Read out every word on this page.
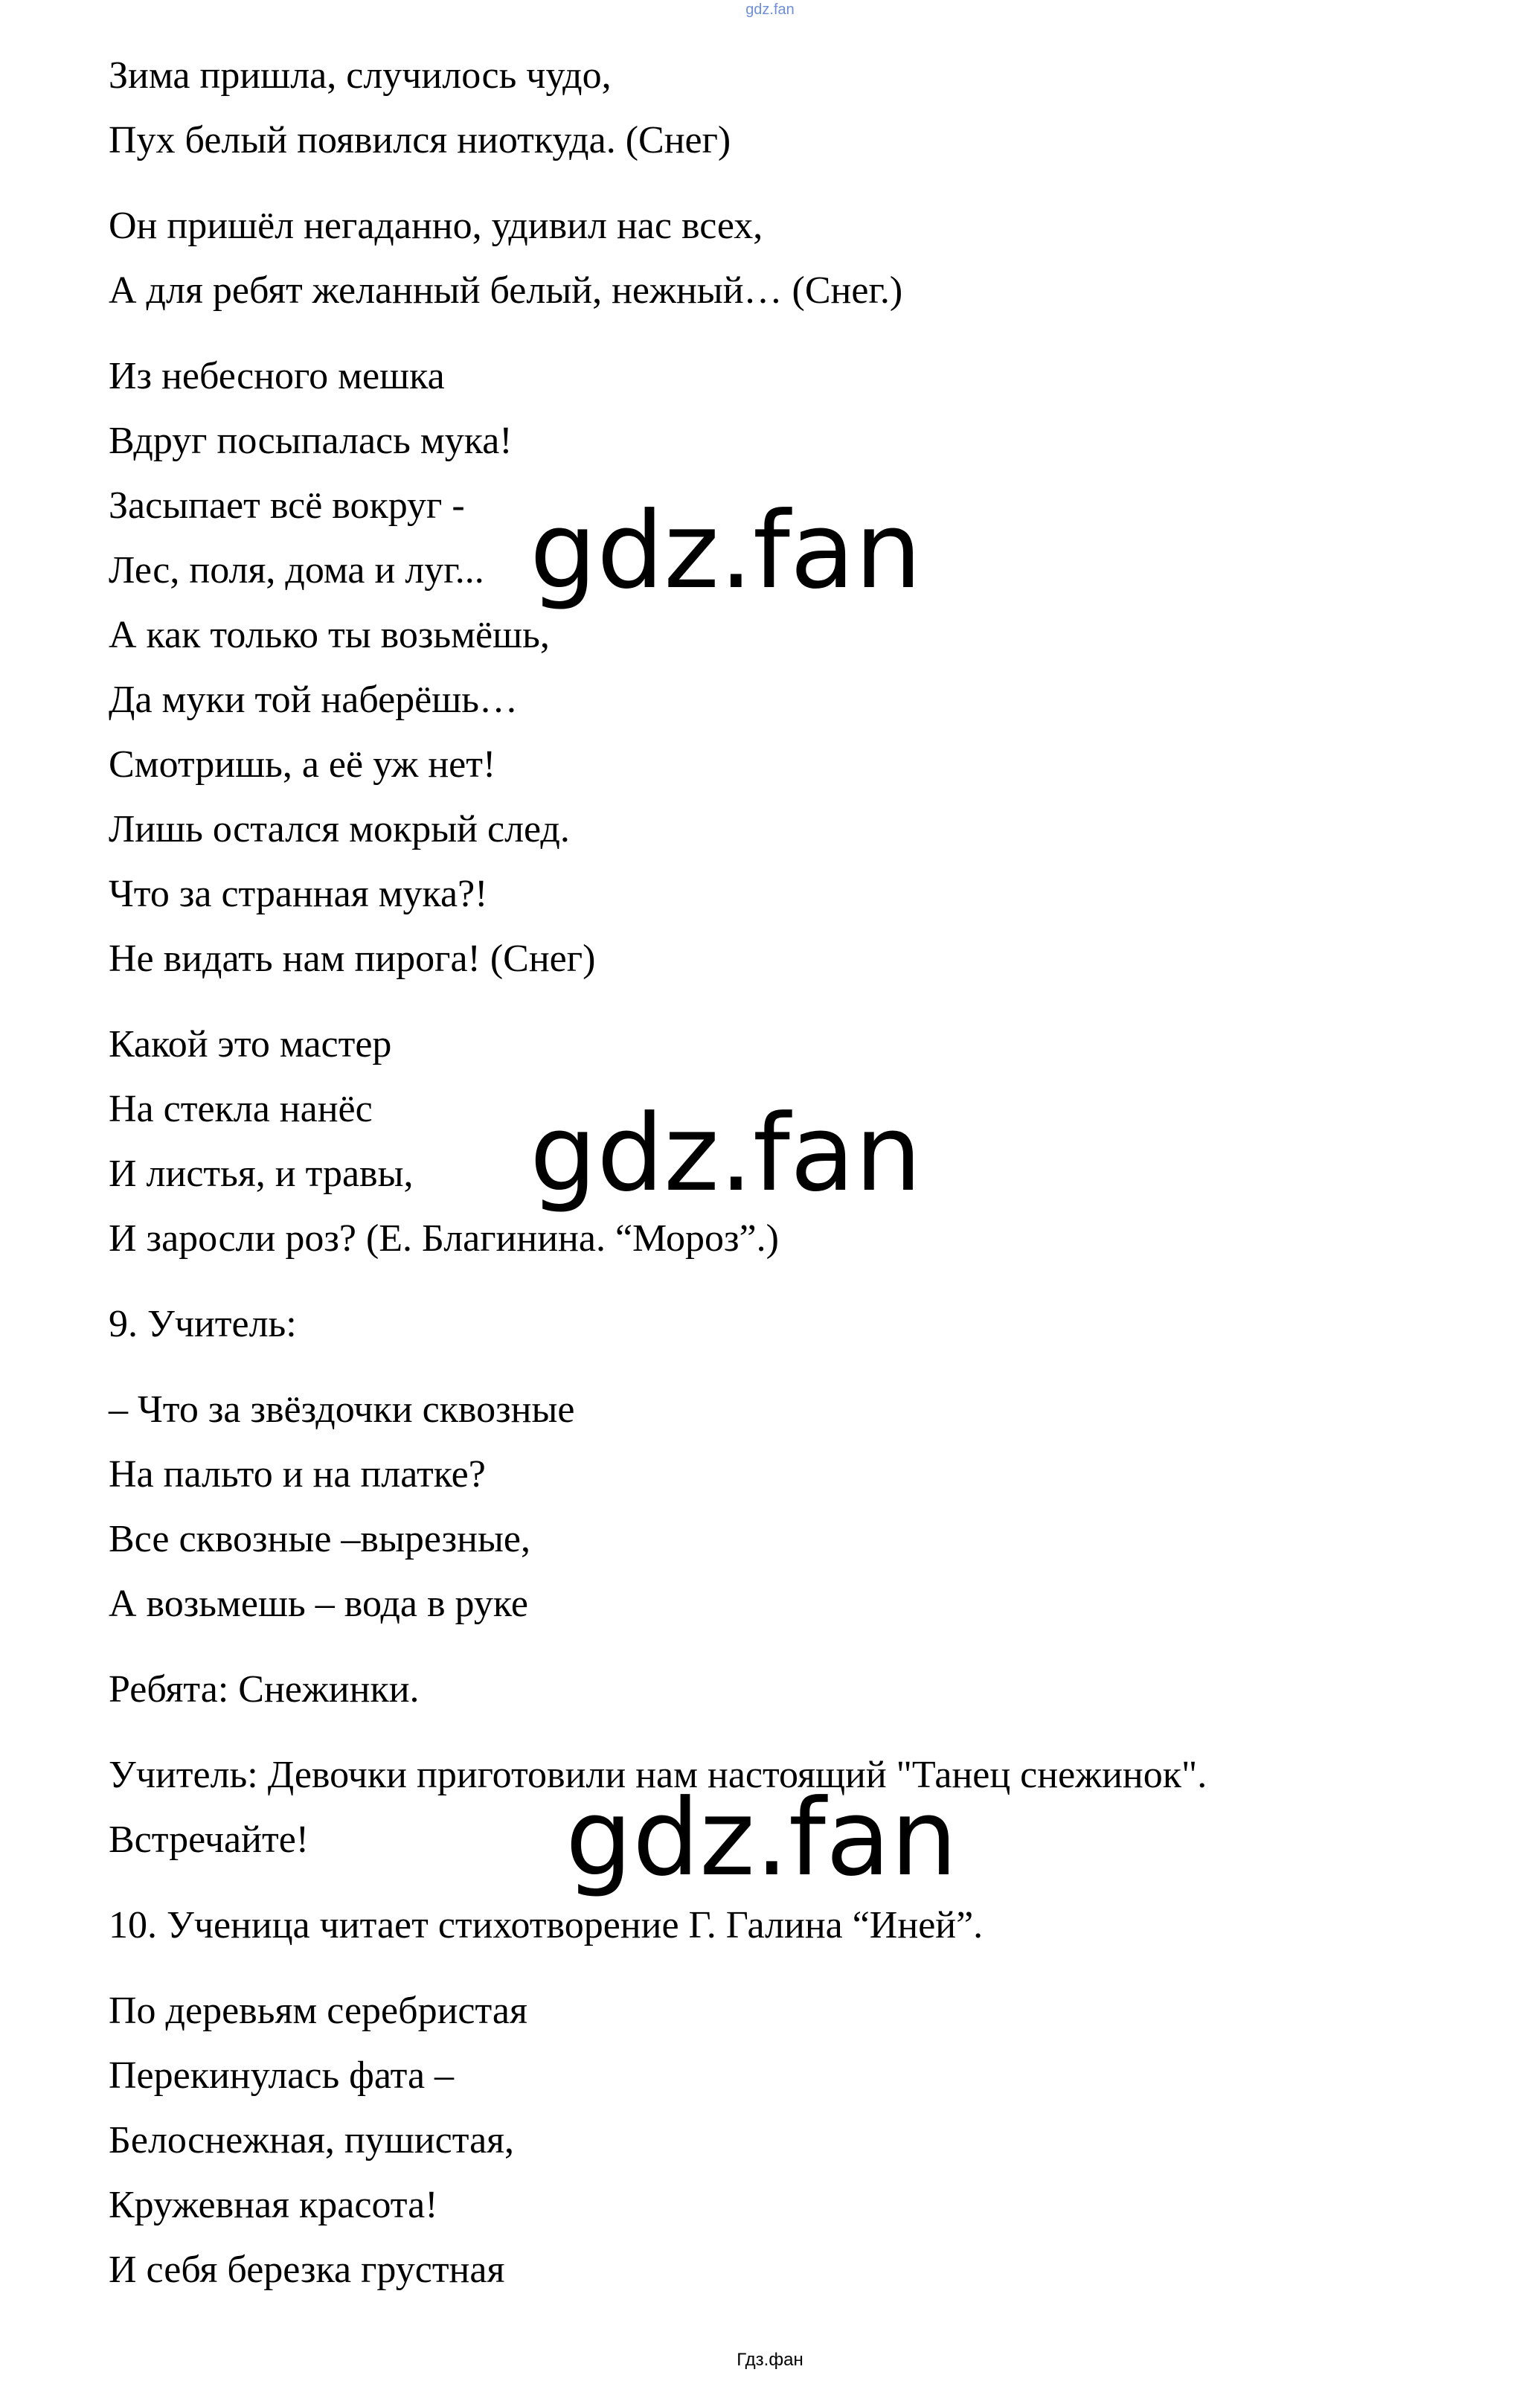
gdz.fan
Зима пришла, случилось чудо,
Пух белый появился ниоткуда. (Снег)
Он пришёл негаданно, удивил нас всех,
А для ребят желанный белый, нежный… (Снег.)
Из небесного мешка
Вдруг посыпалась мука!
Засыпает всё вокруг -
Лес, поля, дома и луг...
А как только ты возьмёшь,
Да муки той наберёшь…
Смотришь, а её уж нет!
Лишь остался мокрый след.
Что за странная мука?!
Не видать нам пирога! (Снег)
Какой это мастер
На стекла нанёс
И листья, и травы,
И заросли роз? (Е. Благинина. “Мороз”.)
9. Учитель:
– Что за звёздочки сквозные
На пальто и на платке?
Все сквозные –вырезные,
А возьмешь – вода в руке
Ребята: Снежинки.
Учитель: Девочки приготовили нам настоящий "Танец снежинок".
Встречайте!
10. Ученица читает стихотворение Г. Галина “Иней”.
По деревьям серебристая
Перекинулась фата –
Белоснежная, пушистая,
Кружевная красота!
И себя березка грустная
gdz.fan
gdz.fan
gdz.fan
Гдз.фан
